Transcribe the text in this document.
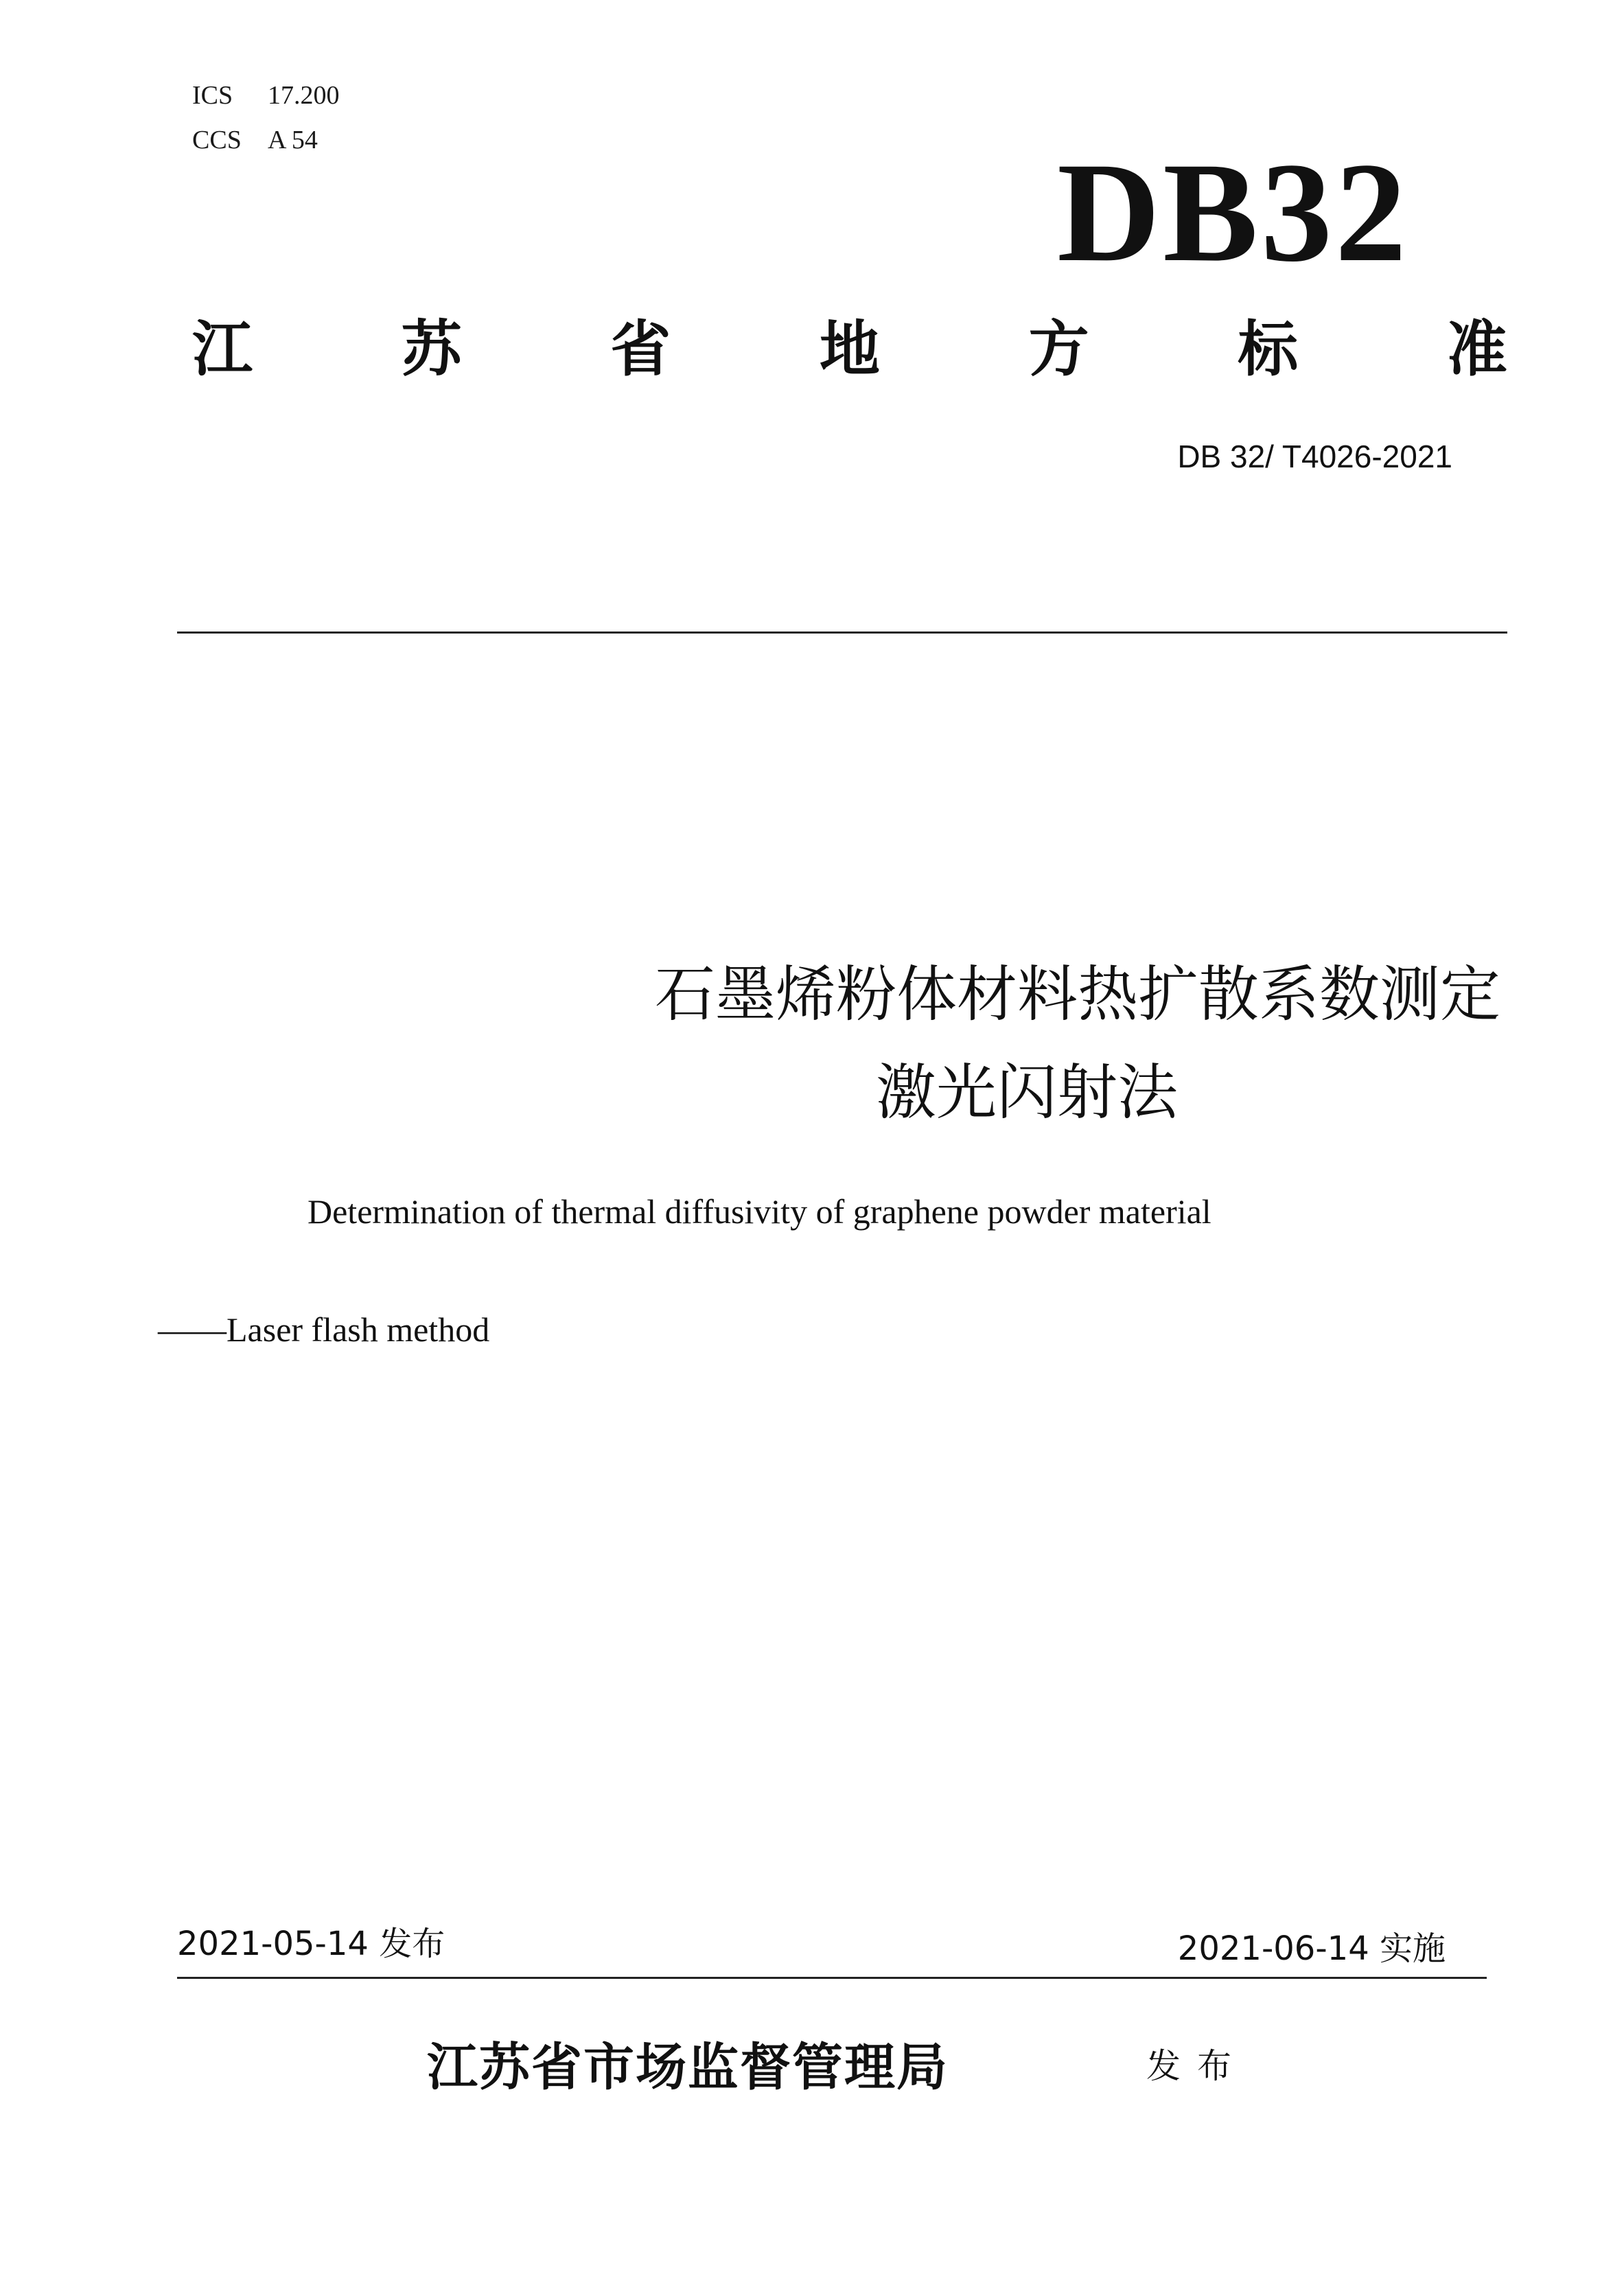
ICS 17.200
CCS A 54	DB32
江 苏 省 地 方 标 准
DB 32/ T4026-2021
石墨烯粉体材料热扩散系数测定
激光闪射法
Determination of thermal diffusivity of graphene powder material
——Laser flash method
2021-05-14 发布	2021-06-14 实施
江苏省市场监督管理局	发布
